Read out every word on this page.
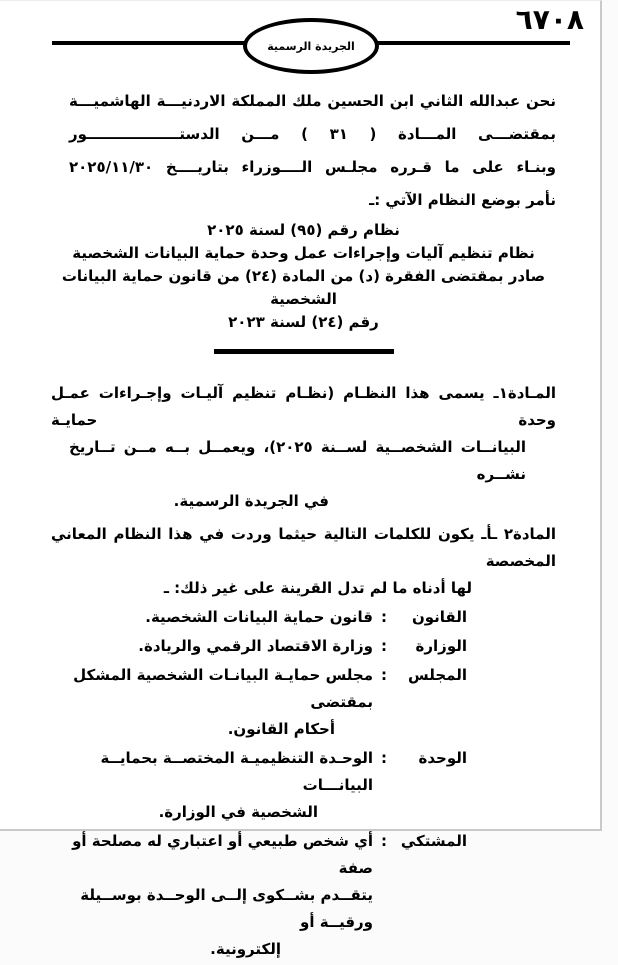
٦٧٠٨
الجريدة الرسمية
نحن عبدالله الثاني ابن الحسين ملك المملكة الاردنيـــة الهاشميـــة
بمقتضـــى المـــادة ( ٣١ ) مـــن الدستــــــــــــــــــور
وبنـاء على ما قـرره مجلـس الــــوزراء بتاريــــخ ٢٠٢٥/١١/٣٠
نأمر بوضع النظام الآتي :ـ
نظام رقم (٩٥) لسنة ٢٠٢٥
نظام تنظيم آليات وإجراءات عمل وحدة حماية البيانات الشخصية
صادر بمقتضى الفقرة (د) من المادة (٢٤) من قانون حماية البيانات الشخصية
رقم (٢٤) لسنة ٢٠٢٣
المـادة١ـ يسمى هذا النظـام (نظـام تنظيم آليـات وإجـراءات عمـل وحدة حمايـة
البيانــات الشخصــية لســنة ٢٠٢٥)، ويعمــل بــه مــن تــاريخ نشــره
في الجريدة الرسمية.
المادة٢ ـأـ يكون للكلمات التالية حيثما وردت في هذا النظام المعاني المخصصة
لها أدناه ما لم تدل القرينة على غير ذلك: ـ
القانون
:
قانون حماية البيانات الشخصية.
الوزارة
:
وزارة الاقتصاد الرقمي والريادة.
المجلس
:
مجلس حمايـة البيانـات الشخصية المشكل بمقتضى
أحكام القانون.
الوحدة
:
الوحـدة التنظيميـة المختصــة بحمايــة البيانـــات
الشخصية في الوزارة.
المشتكي
:
أي شخص طبيعي أو اعتباري له مصلحة أو صفة
يتقــدم بشــكوى إلــى الوحــدة بوســيلة ورقيــة أو
إلكترونية.
